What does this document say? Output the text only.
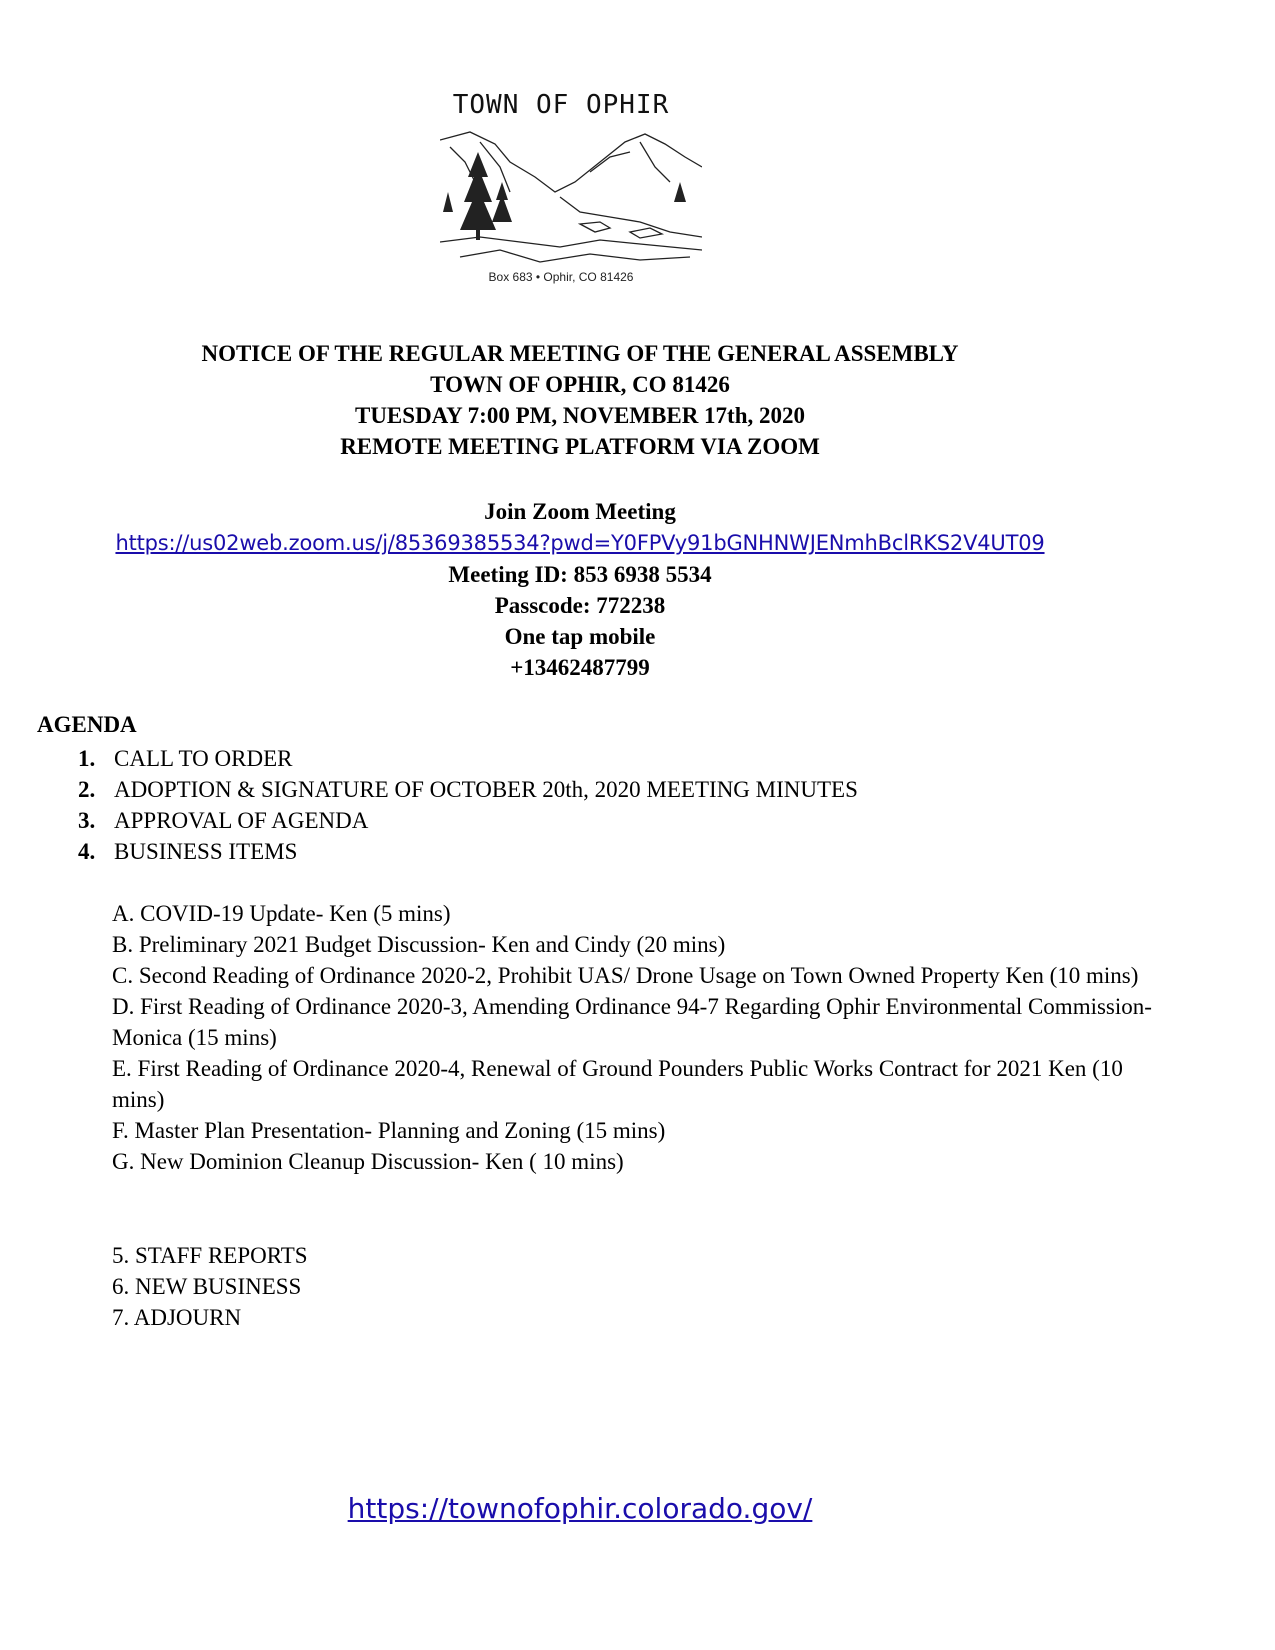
TOWN OF OPHIR
Box 683 • Ophir, CO 81426
NOTICE OF THE REGULAR MEETING OF THE GENERAL ASSEMBLY
TOWN OF OPHIR, CO 81426
TUESDAY 7:00 PM, NOVEMBER 17th, 2020
REMOTE MEETING PLATFORM VIA ZOOM
Join Zoom Meeting
https://us02web.zoom.us/j/85369385534?pwd=Y0FPVy91bGNHNWJENmhBclRKS2V4UT09
Meeting ID: 853 6938 5534
Passcode: 772238
One tap mobile
+13462487799
AGENDA
1. CALL TO ORDER
2. ADOPTION & SIGNATURE OF OCTOBER 20th, 2020 MEETING MINUTES
3. APPROVAL OF AGENDA
4. BUSINESS ITEMS
A. COVID-19 Update- Ken (5 mins)
B. Preliminary 2021 Budget Discussion- Ken and Cindy (20 mins)
C. Second Reading of Ordinance 2020-2, Prohibit UAS/ Drone Usage on Town Owned Property Ken (10 mins)
D. First Reading of Ordinance 2020-3, Amending Ordinance 94-7 Regarding Ophir Environmental Commission- Monica (15 mins)
E. First Reading of Ordinance 2020-4, Renewal of Ground Pounders Public Works Contract for 2021 Ken (10 mins)
F. Master Plan Presentation- Planning and Zoning (15 mins)
G. New Dominion Cleanup Discussion- Ken ( 10 mins)
5. STAFF REPORTS
6. NEW BUSINESS
7. ADJOURN
https://townofophir.colorado.gov/
